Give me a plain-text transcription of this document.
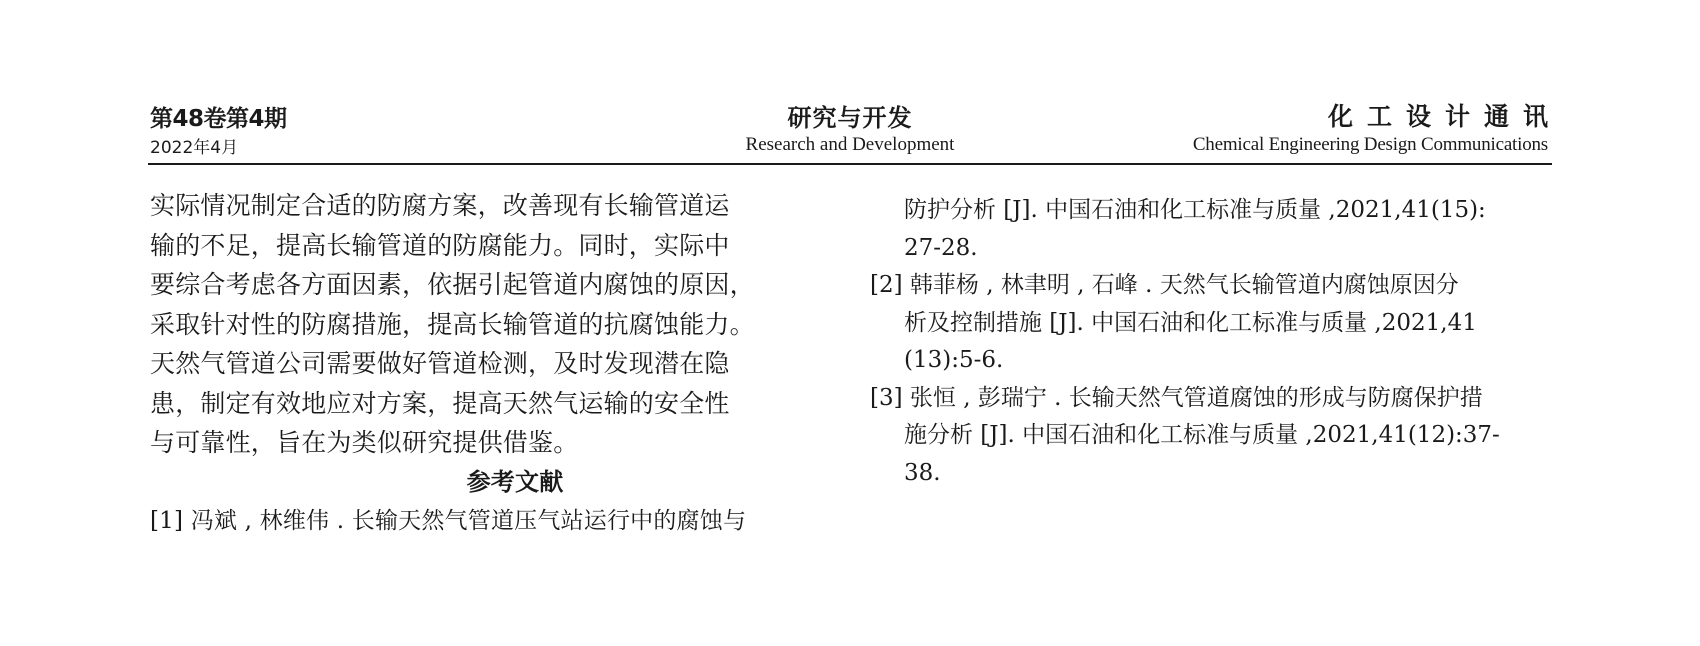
第48卷第4期
2022年4月
研究与开发
Research and Development
化工设计通讯
Chemical Engineering Design Communications
实际情况制定合适的防腐方案，改善现有长输管道运
输的不足，提高长输管道的防腐能力。同时，实际中
要综合考虑各方面因素，依据引起管道内腐蚀的原因，
采取针对性的防腐措施，提高长输管道的抗腐蚀能力。
天然气管道公司需要做好管道检测，及时发现潜在隐
患，制定有效地应对方案，提高天然气运输的安全性
与可靠性，旨在为类似研究提供借鉴。
参考文献
[1] 冯斌 , 林维伟 . 长输天然气管道压气站运行中的腐蚀与
防护分析 [J]. 中国石油和化工标准与质量 ,2021,41(15):
27-28.
[2] 韩菲杨 , 林聿明 , 石峰 . 天然气长输管道内腐蚀原因分
析及控制措施 [J]. 中国石油和化工标准与质量 ,2021,41
(13):5-6.
[3] 张恒 , 彭瑞宁 . 长输天然气管道腐蚀的形成与防腐保护措
施分析 [J]. 中国石油和化工标准与质量 ,2021,41(12):37-
38.
